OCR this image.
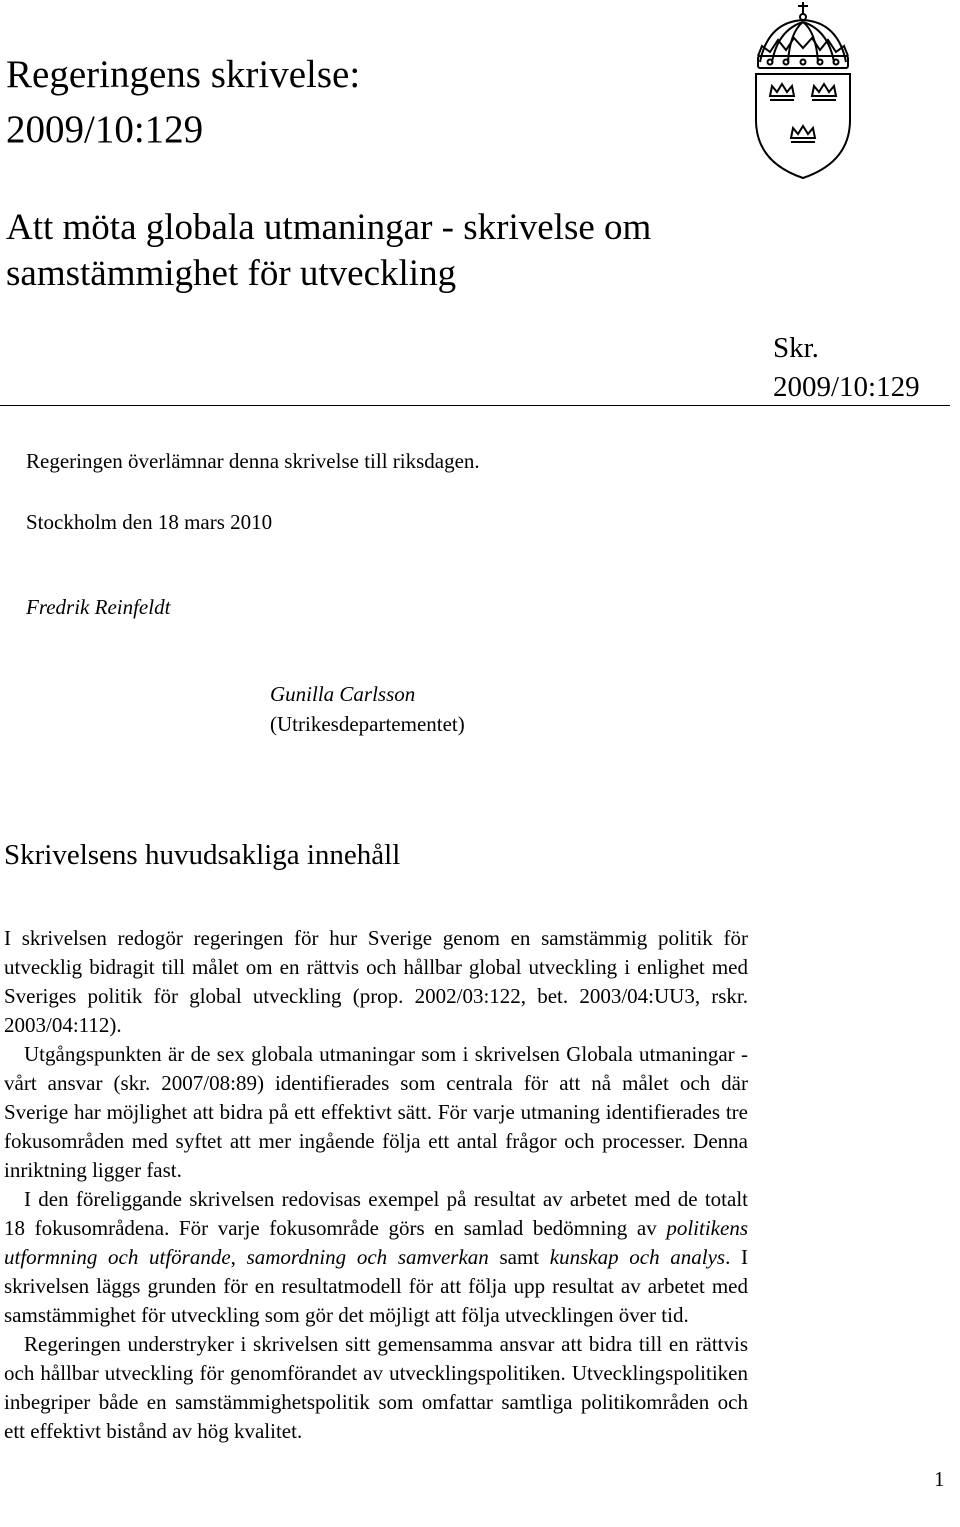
Regeringens skrivelse:
2009/10:129
Att möta globala utmaningar - skrivelse om
samstämmighet för utveckling
Skr.
2009/10:129
Regeringen överlämnar denna skrivelse till riksdagen.
Stockholm den 18 mars 2010
Fredrik Reinfeldt
Gunilla Carlsson
(Utrikesdepartementet)
Skrivelsens huvudsakliga innehåll

I skrivelsen redogör regeringen för hur Sverige genom en samstämmig politik för utvecklig bidragit till målet om en rättvis och hållbar global utveckling i enlighet med Sveriges politik för global utveckling (prop. 2002/03:122, bet. 2003/04:UU3, rskr. 2003/04:112).

Utgångspunkten är de sex globala utmaningar som i skrivelsen Globala utmaningar - vårt ansvar (skr. 2007/08:89) identifierades som centrala för att nå målet och där Sverige har möjlighet att bidra på ett effektivt sätt. För varje utmaning identifierades tre fokusområden med syftet att mer ingående följa ett antal frågor och processer. Denna inriktning ligger fast.

I den föreliggande skrivelsen redovisas exempel på resultat av arbetet med de totalt 18 fokusområdena. För varje fokusområde görs en samlad bedömning av politikens utformning och utförande, samordning och samverkan samt kunskap och analys. I skrivelsen läggs grunden för en resultatmodell för att följa upp resultat av arbetet med samstämmighet för utveckling som gör det möjligt att följa utvecklingen över tid.

Regeringen understryker i skrivelsen sitt gemensamma ansvar att bidra till en rättvis och hållbar utveckling för genomförandet av utvecklingspolitiken. Utvecklingspolitiken inbegriper både en samstämmighetspolitik som omfattar samtliga politikområden och ett effektivt bistånd av hög kvalitet.

1
